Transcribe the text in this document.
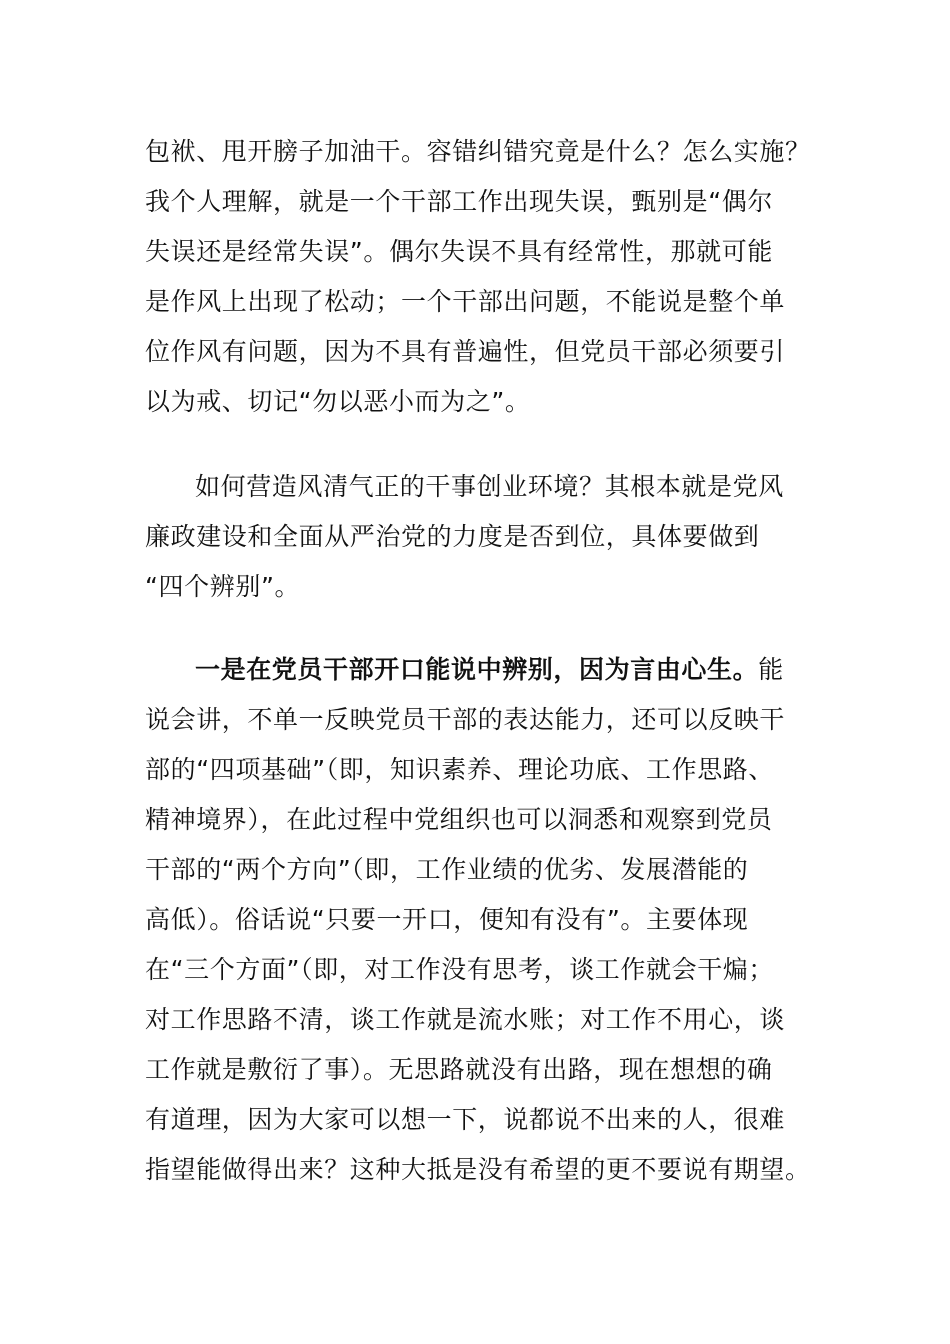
包袱、甩开膀子加油干。容错纠错究竟是什么？怎么实施？
我个人理解，就是一个干部工作出现失误，甄别是“偶尔
失误还是经常失误”。偶尔失误不具有经常性，那就可能
是作风上出现了松动；一个干部出问题，不能说是整个单
位作风有问题，因为不具有普遍性，但党员干部必须要引
以为戒、切记“勿以恶小而为之”。
如何营造风清气正的干事创业环境？其根本就是党风
廉政建设和全面从严治党的力度是否到位，具体要做到
“四个辨别”。
一是在党员干部开口能说中辨别，因为言由心生。能
说会讲，不单一反映党员干部的表达能力，还可以反映干
部的“四项基础”（即，知识素养、理论功底、工作思路、
精神境界），在此过程中党组织也可以洞悉和观察到党员
干部的“两个方向”（即，工作业绩的优劣、发展潜能的
高低）。俗话说“只要一开口，便知有没有”。主要体现
在“三个方面”（即，对工作没有思考，谈工作就会干煸；
对工作思路不清，谈工作就是流水账；对工作不用心，谈
工作就是敷衍了事）。无思路就没有出路，现在想想的确
有道理，因为大家可以想一下，说都说不出来的人，很难
指望能做得出来？这种大抵是没有希望的更不要说有期望。
